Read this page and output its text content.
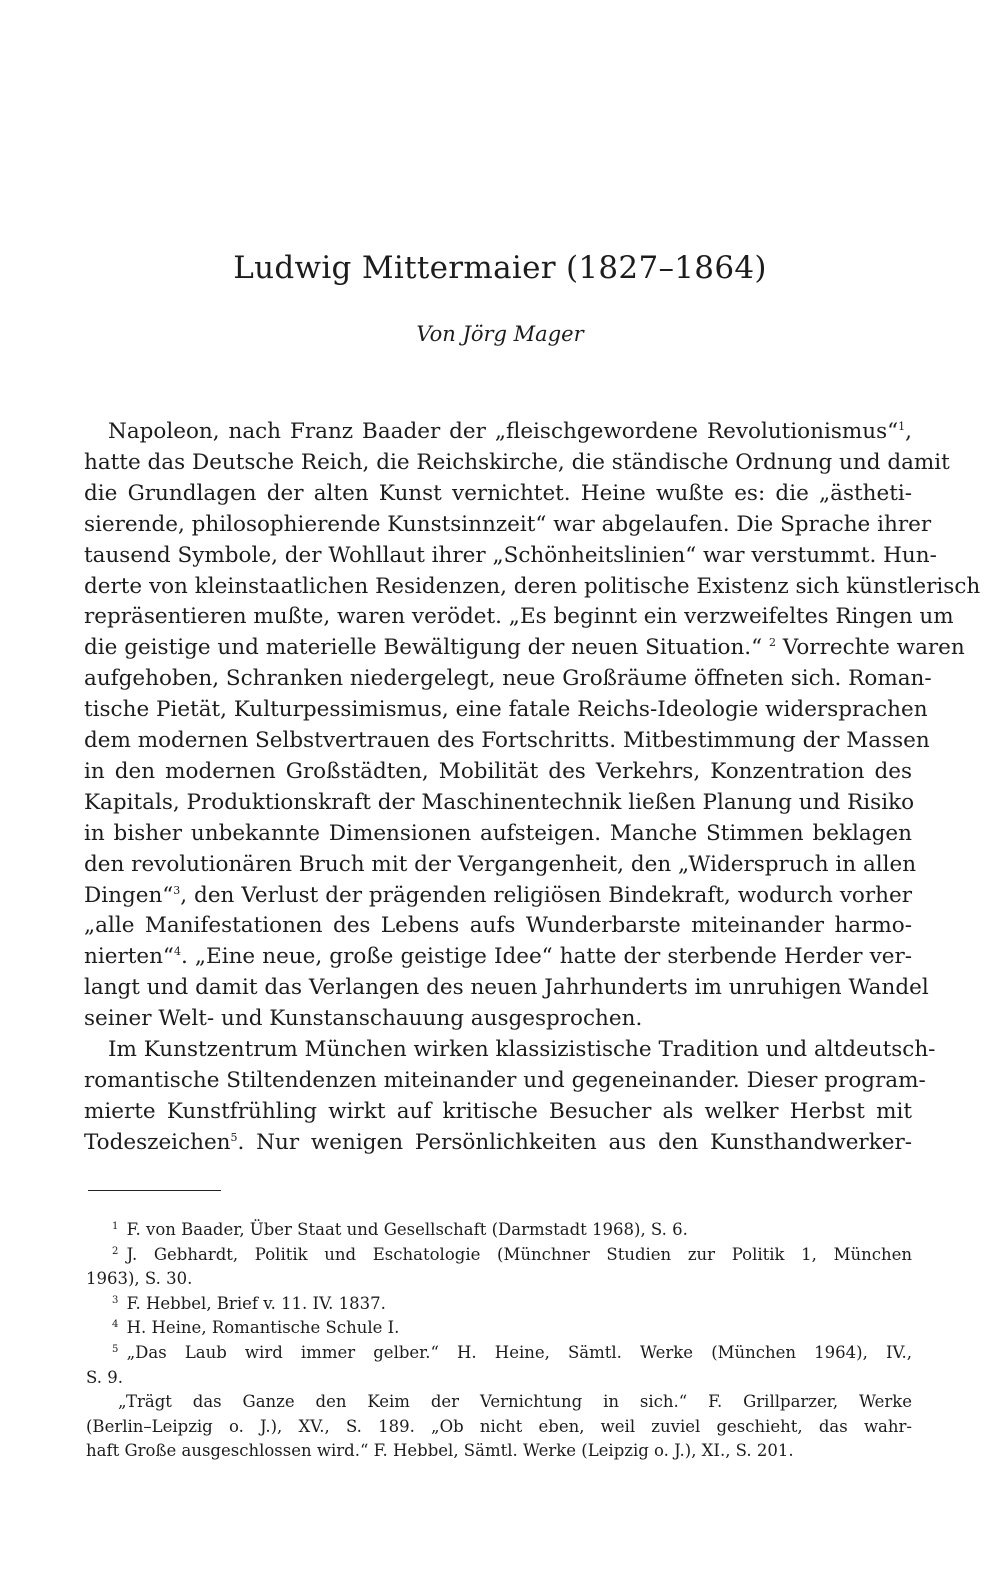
Ludwig Mittermaier (1827–1864)
Von Jörg Mager
Napoleon, nach Franz Baader der „fleischgewordene Revolutionismus“$^1$,
hatte das Deutsche Reich, die Reichskirche, die ständische Ordnung und damit
die Grundlagen der alten Kunst vernichtet. Heine wußte es: die „ästheti-
sierende, philosophierende Kunstsinnzeit“ war abgelaufen. Die Sprache ihrer
tausend Symbole, der Wohllaut ihrer „Schönheitslinien“ war verstummt. Hun-
derte von kleinstaatlichen Residenzen, deren politische Existenz sich künstlerisch
repräsentieren mußte, waren verödet. „Es beginnt ein verzweifeltes Ringen um
die geistige und materielle Bewältigung der neuen Situation.“ $^2$ Vorrechte waren
aufgehoben, Schranken niedergelegt, neue Großräume öffneten sich. Roman-
tische Pietät, Kulturpessimismus, eine fatale Reichs-Ideologie widersprachen
dem modernen Selbstvertrauen des Fortschritts. Mitbestimmung der Massen
in den modernen Großstädten, Mobilität des Verkehrs, Konzentration des
Kapitals, Produktionskraft der Maschinentechnik ließen Planung und Risiko
in bisher unbekannte Dimensionen aufsteigen. Manche Stimmen beklagen
den revolutionären Bruch mit der Vergangenheit, den „Widerspruch in allen
Dingen“$^3$, den Verlust der prägenden religiösen Bindekraft, wodurch vorher
„alle Manifestationen des Lebens aufs Wunderbarste miteinander harmo-
nierten“$^4$. „Eine neue, große geistige Idee“ hatte der sterbende Herder ver-
langt und damit das Verlangen des neuen Jahrhunderts im unruhigen Wandel
seiner Welt- und Kunstanschauung ausgesprochen.
Im Kunstzentrum München wirken klassizistische Tradition und altdeutsch-
romantische Stiltendenzen miteinander und gegeneinander. Dieser program-
mierte Kunstfrühling wirkt auf kritische Besucher als welker Herbst mit
Todeszeichen$^5$. Nur wenigen Persönlichkeiten aus den Kunsthandwerker-
$^1$  F. von Baader, Über Staat und Gesellschaft (Darmstadt 1968), S. 6.
$^2$  J. Gebhardt, Politik und Eschatologie (Münchner Studien zur Politik 1, München
1963), S. 30.
$^3$  F. Hebbel, Brief v. 11. IV. 1837.
$^4$  H. Heine, Romantische Schule I.
$^5$  „Das Laub wird immer gelber.“ H. Heine, Sämtl. Werke (München 1964), IV.,
S. 9.
„Trägt das Ganze den Keim der Vernichtung in sich.“ F. Grillparzer, Werke
(Berlin–Leipzig o. J.), XV., S. 189. „Ob nicht eben, weil zuviel geschieht, das wahr-
haft Große ausgeschlossen wird.“ F. Hebbel, Sämtl. Werke (Leipzig o. J.), XI., S. 201.
